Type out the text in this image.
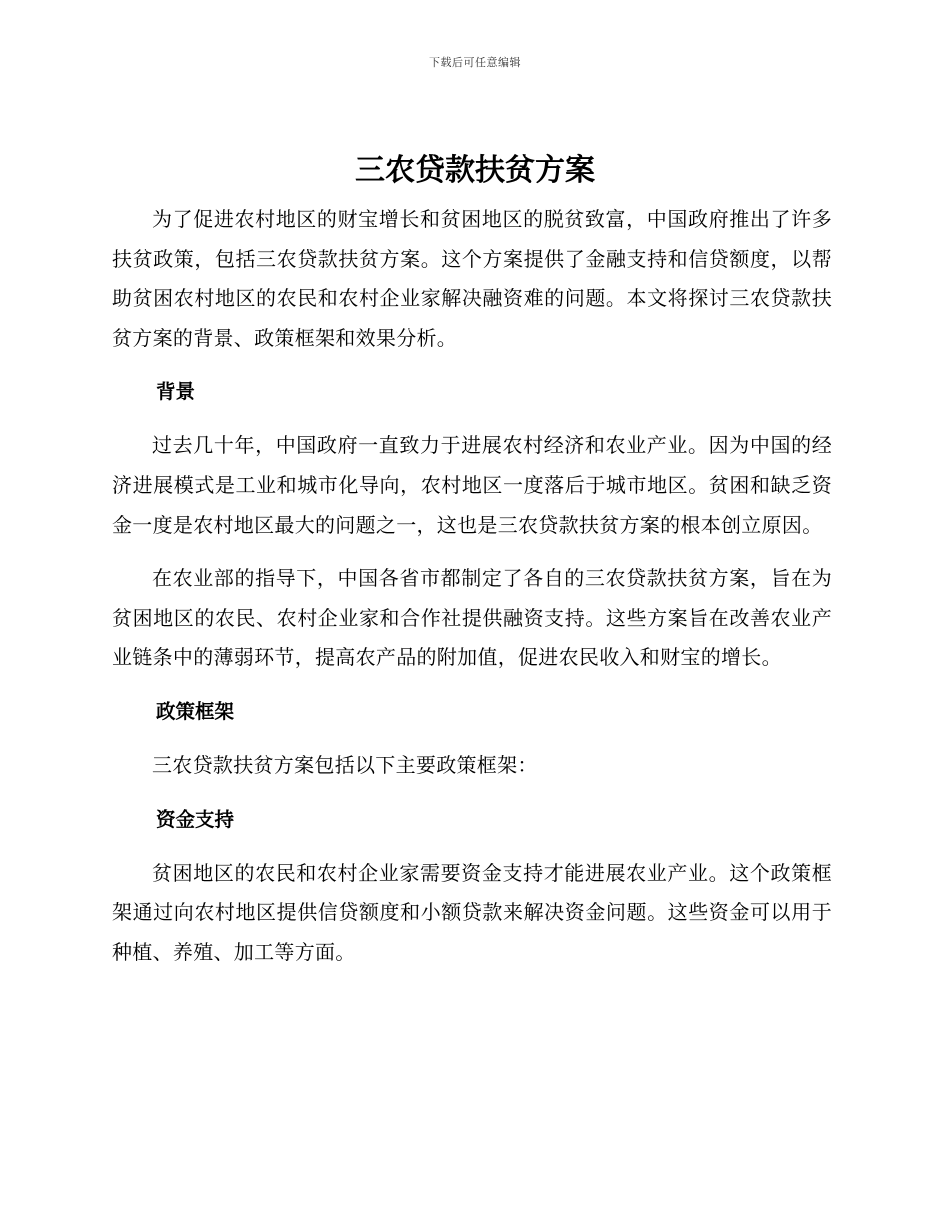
下载后可任意编辑
三农贷款扶贫方案

为了促进农村地区的财宝增长和贫困地区的脱贫致富，中国政府推出了许多扶贫政策，包括三农贷款扶贫方案。这个方案提供了金融支持和信贷额度，以帮助贫困农村地区的农民和农村企业家解决融资难的问题。本文将探讨三农贷款扶贫方案的背景、政策框架和效果分析。

背景

过去几十年，中国政府一直致力于进展农村经济和农业产业。因为中国的经济进展模式是工业和城市化导向，农村地区一度落后于城市地区。贫困和缺乏资金一度是农村地区最大的问题之一，这也是三农贷款扶贫方案的根本创立原因。

在农业部的指导下，中国各省市都制定了各自的三农贷款扶贫方案，旨在为贫困地区的农民、农村企业家和合作社提供融资支持。这些方案旨在改善农业产业链条中的薄弱环节，提高农产品的附加值，促进农民收入和财宝的增长。

政策框架

三农贷款扶贫方案包括以下主要政策框架：

资金支持

贫困地区的农民和农村企业家需要资金支持才能进展农业产业。这个政策框架通过向农村地区提供信贷额度和小额贷款来解决资金问题。这些资金可以用于种植、养殖、加工等方面。
